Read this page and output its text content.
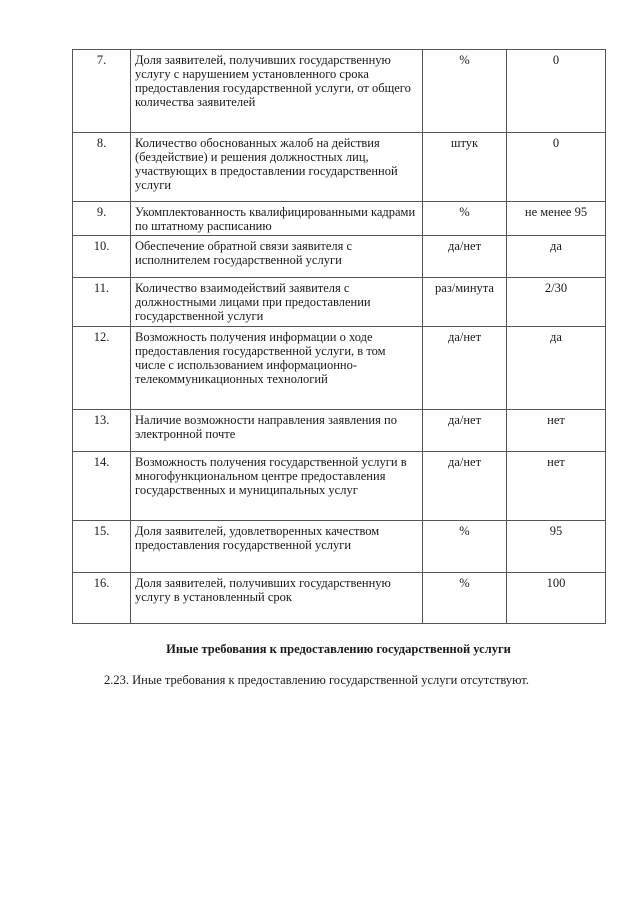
7.	Доля заявителей, получивших государственную услугу с нарушением установленного срока предоставления государственной услуги, от общего количества заявителей	%	0
8.	Количество обоснованных жалоб на действия (бездействие) и решения должностных лиц, участвующих в предоставлении государственной услуги	штук	0
9.	Укомплектованность квалифицированными кадрами по штатному расписанию	%	не менее 95
10.	Обеспечение обратной связи заявителя с исполнителем государственной услуги	да/нет	да
11.	Количество взаимодействий заявителя с должностными лицами при предоставлении государственной услуги	раз/минута	2/30
12.	Возможность получения информации о ходе предоставления государственной услуги, в том числе с использованием информационно-телекоммуникационных технологий	да/нет	да
13.	Наличие возможности направления заявления по электронной почте	да/нет	нет
14.	Возможность получения государственной услуги в многофункциональном центре предоставления государственных и муниципальных услуг	да/нет	нет
15.	Доля заявителей, удовлетворенных качеством предоставления государственной услуги	%	95
16.	Доля заявителей, получивших государственную услугу в установленный срок	%	100
Иные требования к предоставлению государственной услуги
2.23. Иные требования к предоставлению государственной услуги отсутствуют.
